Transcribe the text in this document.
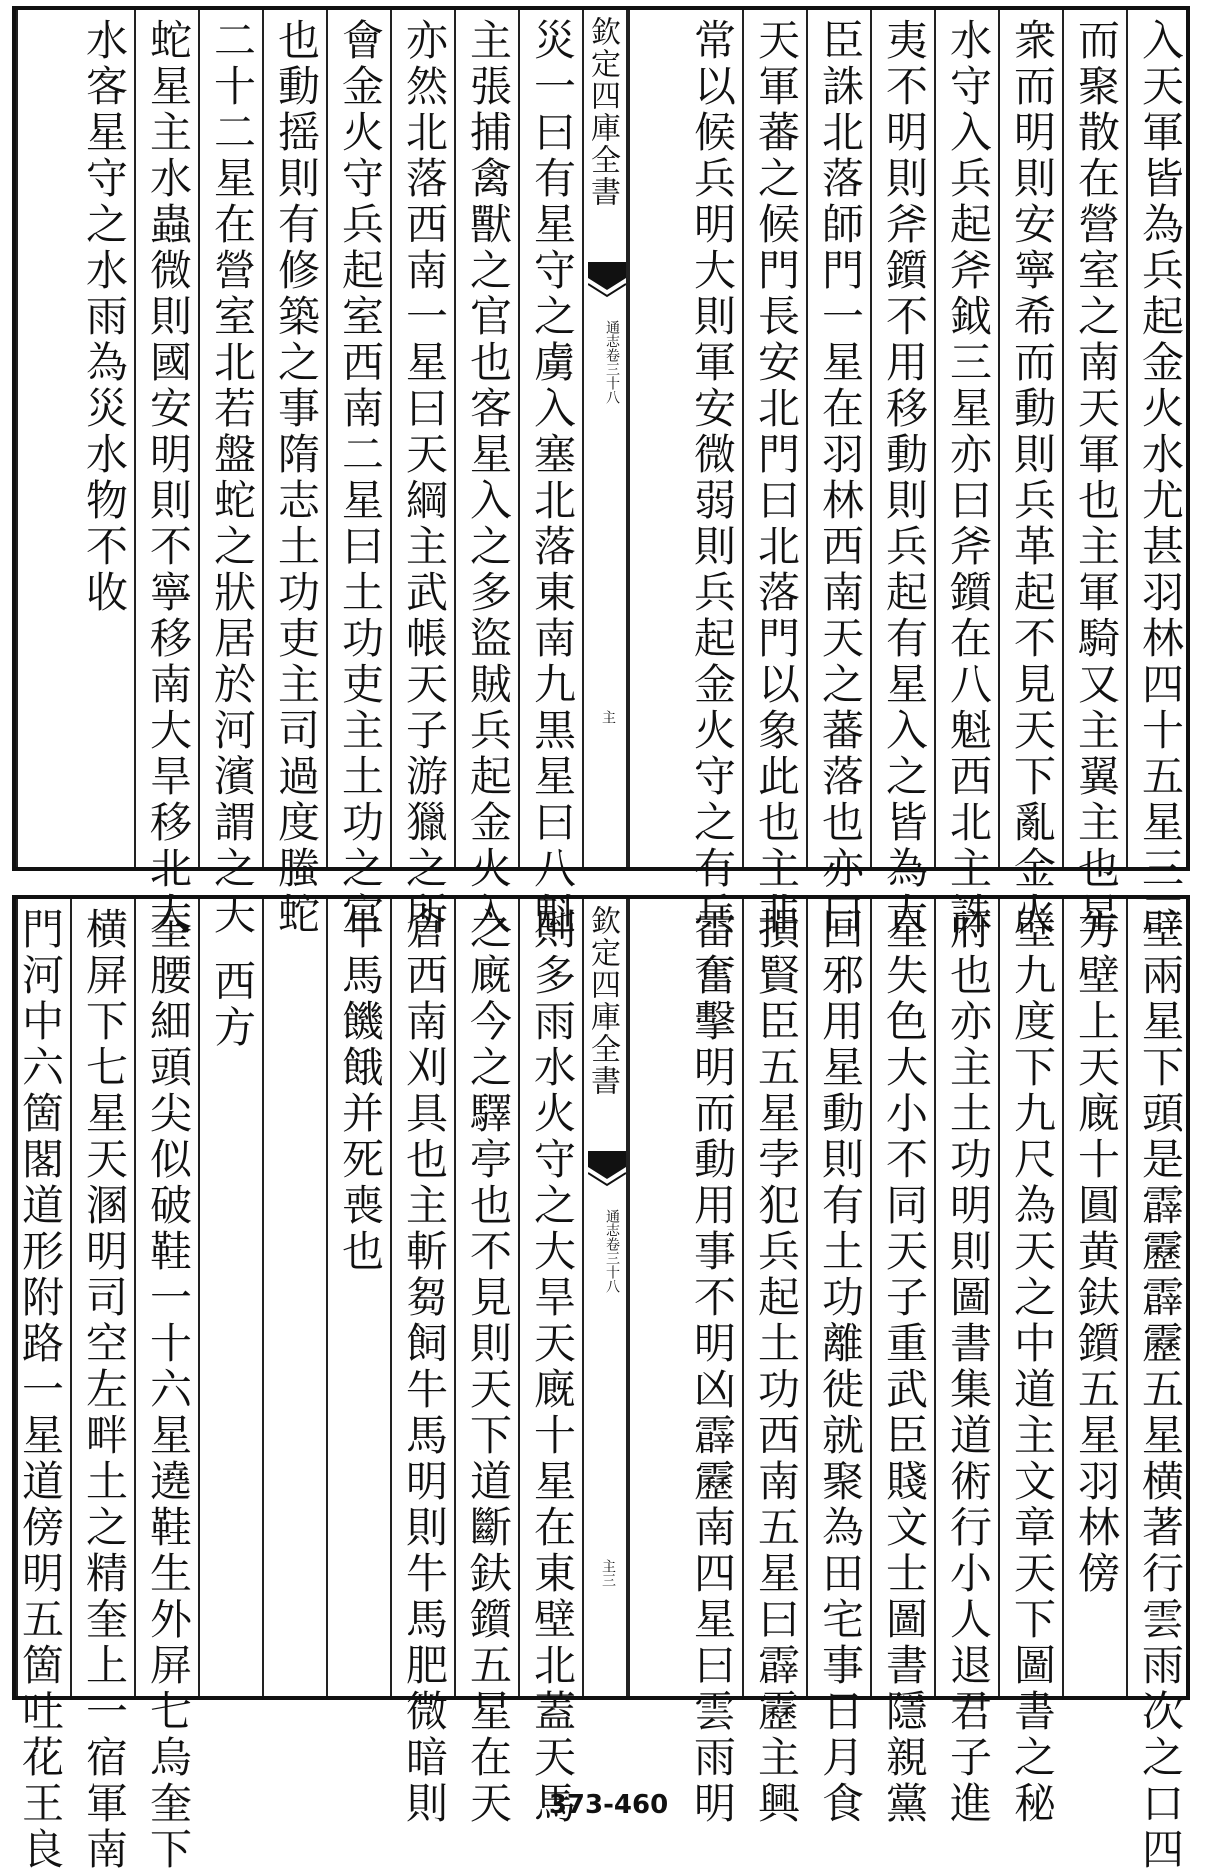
入天軍皆為兵起金火水尤甚羽林四十五星三三
而聚散在營室之南天軍也主軍騎又主翼主也星
衆而明則安寧希而動則兵革起不見天下亂金火
水守入兵起斧鉞三星亦曰斧鑕在八魁西北主誅
夷不明則斧鑕不用移動則兵起有星入之皆為大
臣誅北落師門一星在羽林西南天之蕃落也亦曰
天軍蕃之候門長安北門曰北落門以象此也主非
常以候兵明大則軍安微弱則兵起金火守之有兵
欽定四庫全書
通志卷三十八
主
災一曰有星守之虜入塞北落東南九黒星曰八魁
主張捕禽獸之官也客星入之多盜賊兵起金火入
亦然北落西南一星曰天綱主武帳天子游獵之所
會金火守兵起室西南二星曰土功吏主土功之官
也動摇則有修築之事隋志土功吏主司過度螣蛇
二十二星在營室北若盤蛇之狀居於河濱謂之天
蛇星主水蟲微則國安明則不寧移南大旱移北大
水客星守之水雨為災水物不收
壁兩星下頭是霹靂霹靂五星横著行雲雨次之口四
方壁上天廐十圓黄鈇鑕五星羽林傍
壁九度下九尺為天之中道主文章天下圖書之秘
府也亦主土功明則圖書集道術行小人退君子進
星失色大小不同天子重武臣賤文士圖書隱親黨
回邪用星動則有土功離徙就聚為田宅事日月食
損賢臣五星孛犯兵起土功西南五星曰霹靂主興
雷奮擊明而動用事不明凶霹靂南四星曰雲雨明
欽定四庫全書
通志卷三十八
主三
則多雨水火守之大旱天廐十星在東壁北蓋天馬
之廐今之驛亭也不見則天下道斷鈇鑕五星在天
倉西南刈具也主斬芻飼牛馬明則牛馬肥微暗則
牛馬饑餓并死喪也
西方
奎腰細頭尖似破鞋一十六星遶鞋生外屏七烏奎下
横屏下七星天溷明司空左畔土之精奎上一宿軍南
門河中六箇閣道形附路一星道傍明五箇吐花王良	373-460
